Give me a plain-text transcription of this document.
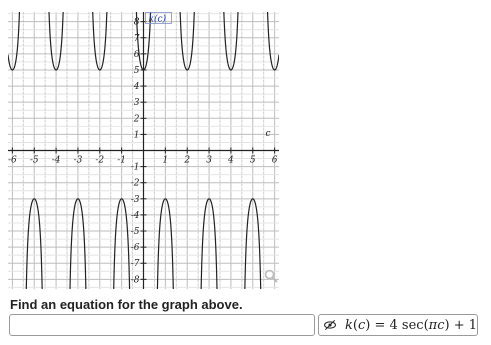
-6 -5 -4 -3 -2 -1	1 2 3 4 5 6
8
7
6
5
4
3
2
1
-1
-2
-3
-4
-5
-6
-7
-8
k(c)
c
Find an equation for the graph above.
k(c) = 4 sec(πc) + 1
